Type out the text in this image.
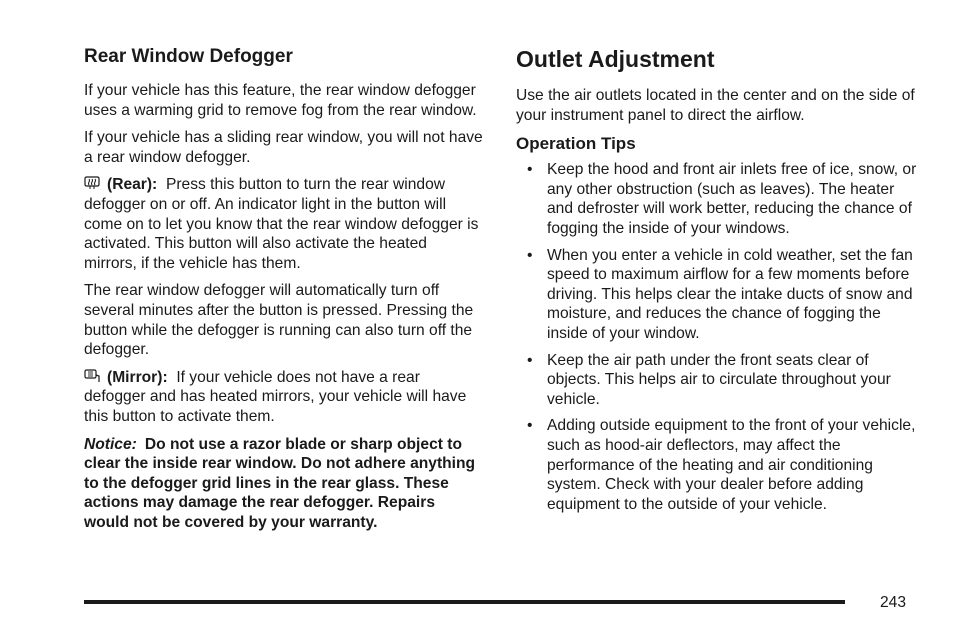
Rear Window Defogger

If your vehicle has this feature, the rear window defogger uses a warming grid to remove fog from the rear window.

If your vehicle has a sliding rear window, you will not have a rear window defogger.

(Rear): Press this button to turn the rear window defogger on or off. An indicator light in the button will come on to let you know that the rear window defogger is activated. This button will also activate the heated mirrors, if the vehicle has them.

The rear window defogger will automatically turn off several minutes after the button is pressed. Pressing the button while the defogger is running can also turn off the defogger.

(Mirror): If your vehicle does not have a rear defogger and has heated mirrors, your vehicle will have this button to activate them.

Notice: Do not use a razor blade or sharp object to clear the inside rear window. Do not adhere anything to the defogger grid lines in the rear glass. These actions may damage the rear defogger. Repairs would not be covered by your warranty.

Outlet Adjustment

Use the air outlets located in the center and on the side of your instrument panel to direct the airflow.

Operation Tips
• Keep the hood and front air inlets free of ice, snow, or any other obstruction (such as leaves). The heater and defroster will work better, reducing the chance of fogging the inside of your windows.

• When you enter a vehicle in cold weather, set the fan speed to maximum airflow for a few moments before driving. This helps clear the intake ducts of snow and moisture, and reduces the chance of fogging the inside of your window.

• Keep the air path under the front seats clear of objects. This helps air to circulate throughout your vehicle.

• Adding outside equipment to the front of your vehicle, such as hood-air deflectors, may affect the performance of the heating and air conditioning system. Check with your dealer before adding equipment to the outside of your vehicle.

243
